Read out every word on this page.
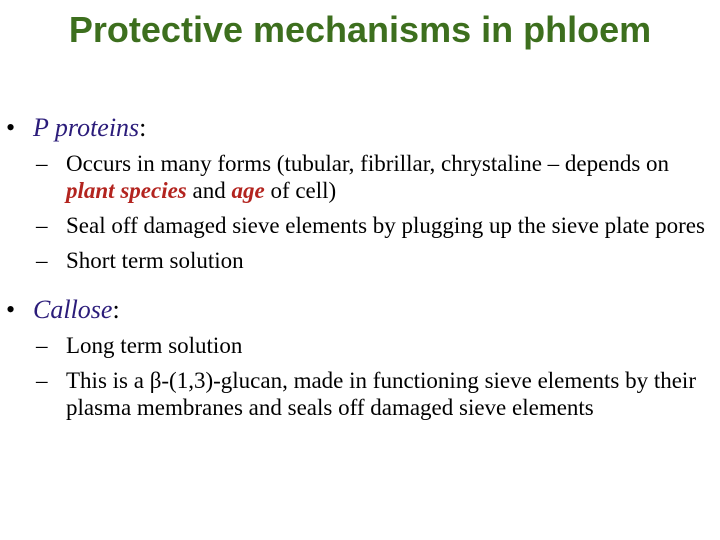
Protective mechanisms in phloem

• P proteins:

– Occurs in many forms (tubular, fibrillar, chrystaline – depends on plant species and age of cell)

– Seal off damaged sieve elements by plugging up the sieve plate pores

– Short term solution

• Callose:

– Long term solution

– This is a β-(1,3)-glucan, made in functioning sieve elements by their plasma membranes and seals off damaged sieve elements
